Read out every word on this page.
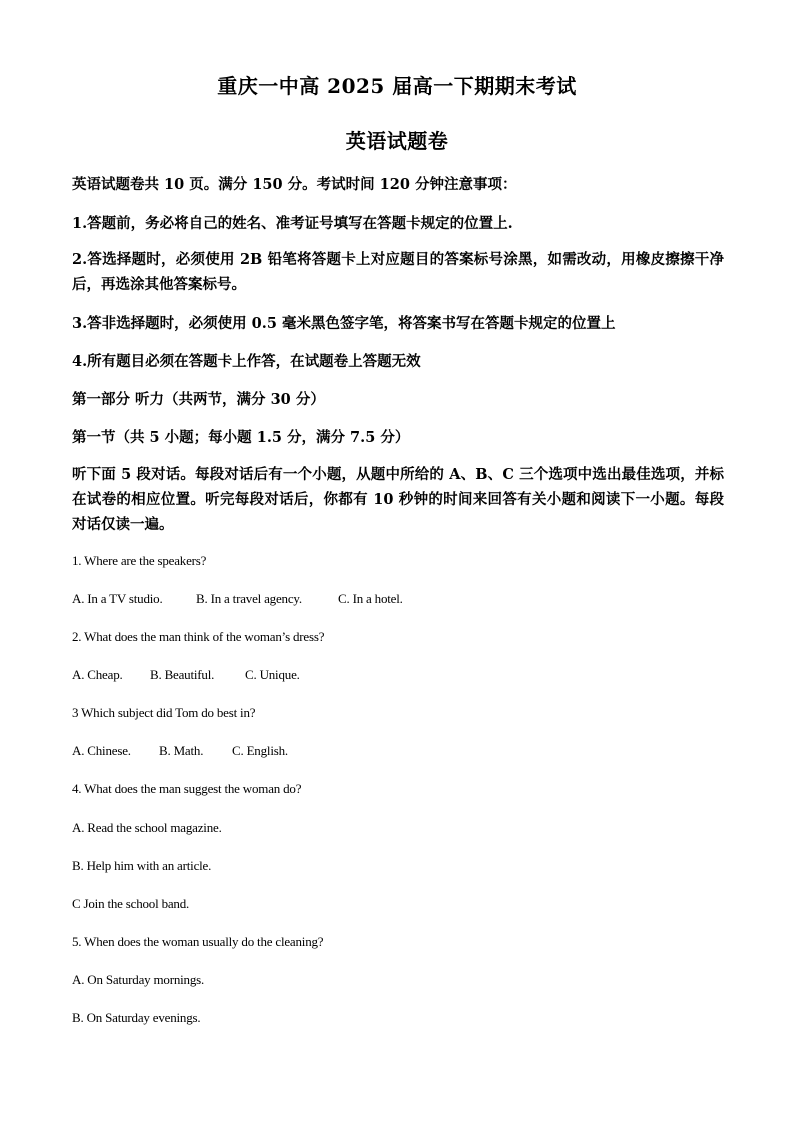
重庆一中高 2025 届高一下期期末考试
英语试题卷
英语试题卷共 10 页。满分 150 分。考试时间 120 分钟注意事项：
1.答题前，务必将自己的姓名、准考证号填写在答题卡规定的位置上.
2.答选择题时，必须使用 2B 铅笔将答题卡上对应题目的答案标号涂黑，如需改动，用橡皮擦擦干净后，再选涂其他答案标号。
3.答非选择题时，必须使用 0.5 毫米黑色签字笔，将答案书写在答题卡规定的位置上
4.所有题目必须在答题卡上作答，在试题卷上答题无效
第一部分 听力（共两节，满分 30 分）
第一节（共 5 小题；每小题 1.5 分，满分 7.5 分）
听下面 5 段对话。每段对话后有一个小题，从题中所给的 A、B、C 三个选项中选出最佳选项，并标在试卷的相应位置。听完每段对话后，你都有 10 秒钟的时间来回答有关小题和阅读下一小题。每段对话仅读一遍。
1. Where are the speakers?
A. In a TV studio.	B. In a travel agency.	C. In a hotel.
2. What does the man think of the woman’s dress?
A. Cheap. B. Beautiful. C. Unique.
3 Which subject did Tom do best in?
A. Chinese. B. Math. C. English.
4. What does the man suggest the woman do?
A. Read the school magazine.
B. Help him with an article.
C Join the school band.
5. When does the woman usually do the cleaning?
A. On Saturday mornings.
B. On Saturday evenings.
